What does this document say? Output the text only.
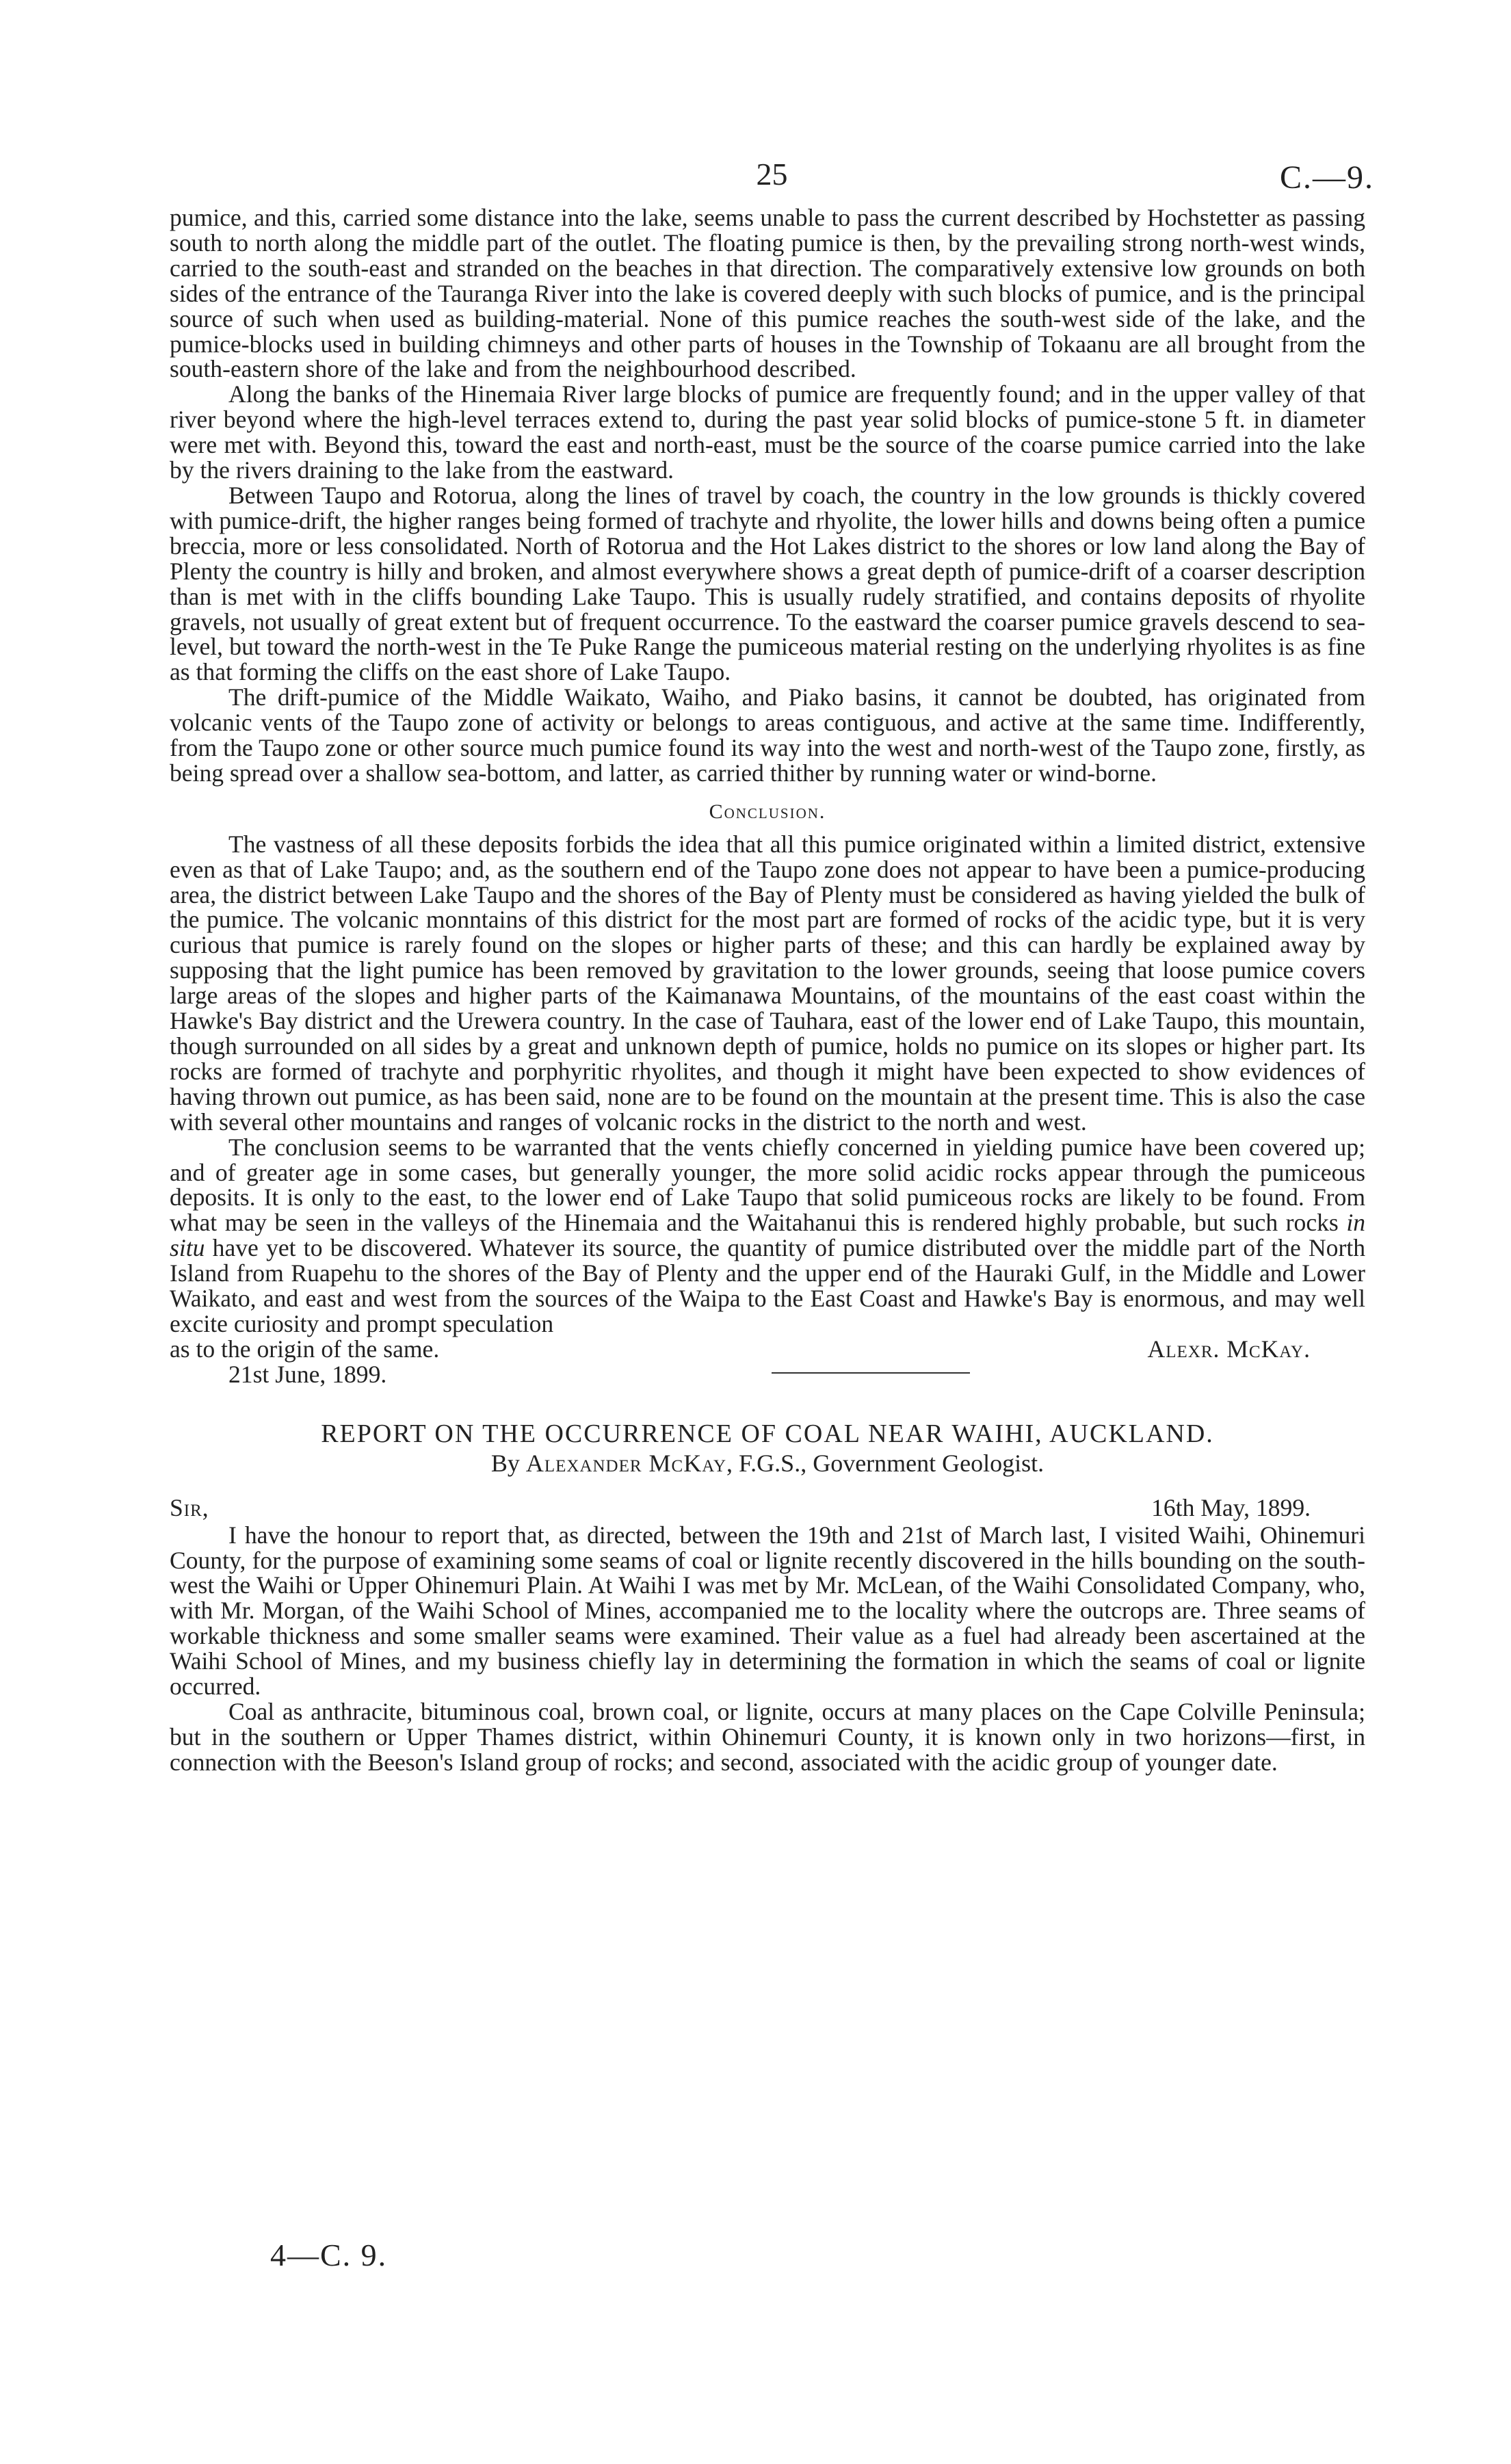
25	C.—9.

pumice, and this, carried some distance into the lake, seems unable to pass the current described by Hochstetter as passing south to north along the middle part of the outlet. The floating pumice is then, by the prevailing strong north-west winds, carried to the south-east and stranded on the beaches in that direction. The comparatively extensive low grounds on both sides of the entrance of the Tauranga River into the lake is covered deeply with such blocks of pumice, and is the principal source of such when used as building-material. None of this pumice reaches the south-west side of the lake, and the pumice-blocks used in building chimneys and other parts of houses in the Township of Tokaanu are all brought from the south-eastern shore of the lake and from the neighbourhood described.

Along the banks of the Hinemaia River large blocks of pumice are frequently found; and in the upper valley of that river beyond where the high-level terraces extend to, during the past year solid blocks of pumice-stone 5 ft. in diameter were met with. Beyond this, toward the east and north-east, must be the source of the coarse pumice carried into the lake by the rivers draining to the lake from the eastward.

Between Taupo and Rotorua, along the lines of travel by coach, the country in the low grounds is thickly covered with pumice-drift, the higher ranges being formed of trachyte and rhyolite, the lower hills and downs being often a pumice breccia, more or less consolidated. North of Rotorua and the Hot Lakes district to the shores or low land along the Bay of Plenty the country is hilly and broken, and almost everywhere shows a great depth of pumice-drift of a coarser description than is met with in the cliffs bounding Lake Taupo. This is usually rudely stratified, and contains deposits of rhyolite gravels, not usually of great extent but of frequent occurrence. To the eastward the coarser pumice gravels descend to sea-level, but toward the north-west in the Te Puke Range the pumiceous material resting on the underlying rhyolites is as fine as that forming the cliffs on the east shore of Lake Taupo.

The drift-pumice of the Middle Waikato, Waiho, and Piako basins, it cannot be doubted, has originated from volcanic vents of the Taupo zone of activity or belongs to areas contiguous, and active at the same time. Indifferently, from the Taupo zone or other source much pumice found its way into the west and north-west of the Taupo zone, firstly, as being spread over a shallow sea-bottom, and latter, as carried thither by running water or wind-borne.

Conclusion.

The vastness of all these deposits forbids the idea that all this pumice originated within a limited district, extensive even as that of Lake Taupo; and, as the southern end of the Taupo zone does not appear to have been a pumice-producing area, the district between Lake Taupo and the shores of the Bay of Plenty must be considered as having yielded the bulk of the pumice. The volcanic monntains of this district for the most part are formed of rocks of the acidic type, but it is very curious that pumice is rarely found on the slopes or higher parts of these; and this can hardly be explained away by supposing that the light pumice has been removed by gravitation to the lower grounds, seeing that loose pumice covers large areas of the slopes and higher parts of the Kaimanawa Mountains, of the mountains of the east coast within the Hawke's Bay district and the Urewera country. In the case of Tauhara, east of the lower end of Lake Taupo, this mountain, though surrounded on all sides by a great and unknown depth of pumice, holds no pumice on its slopes or higher part. Its rocks are formed of trachyte and porphyritic rhyolites, and though it might have been expected to show evidences of having thrown out pumice, as has been said, none are to be found on the mountain at the present time. This is also the case with several other mountains and ranges of volcanic rocks in the district to the north and west.

The conclusion seems to be warranted that the vents chiefly concerned in yielding pumice have been covered up; and of greater age in some cases, but generally younger, the more solid acidic rocks appear through the pumiceous deposits. It is only to the east, to the lower end of Lake Taupo that solid pumiceous rocks are likely to be found. From what may be seen in the valleys of the Hinemaia and the Waitahanui this is rendered highly probable, but such rocks in situ have yet to be discovered. Whatever its source, the quantity of pumice distributed over the middle part of the North Island from Ruapehu to the shores of the Bay of Plenty and the upper end of the Hauraki Gulf, in the Middle and Lower Waikato, and east and west from the sources of the Waipa to the East Coast and Hawke's Bay is enormous, and may well excite curiosity and prompt speculation

as to the origin of the same.	Alexr. McKay.

21st June, 1899.

REPORT ON THE OCCURRENCE OF COAL NEAR WAIHI, AUCKLAND.
By Alexander McKay, F.G.S., Government Geologist.
Sir,	16th May, 1899.

I have the honour to report that, as directed, between the 19th and 21st of March last, I visited Waihi, Ohinemuri County, for the purpose of examining some seams of coal or lignite recently discovered in the hills bounding on the south-west the Waihi or Upper Ohinemuri Plain. At Waihi I was met by Mr. McLean, of the Waihi Consolidated Company, who, with Mr. Morgan, of the Waihi School of Mines, accompanied me to the locality where the outcrops are. Three seams of workable thickness and some smaller seams were examined. Their value as a fuel had already been ascertained at the Waihi School of Mines, and my business chiefly lay in determining the formation in which the seams of coal or lignite occurred.

Coal as anthracite, bituminous coal, brown coal, or lignite, occurs at many places on the Cape Colville Peninsula; but in the southern or Upper Thames district, within Ohinemuri County, it is known only in two horizons—first, in connection with the Beeson's Island group of rocks; and second, associated with the acidic group of younger date.

4—C. 9.
